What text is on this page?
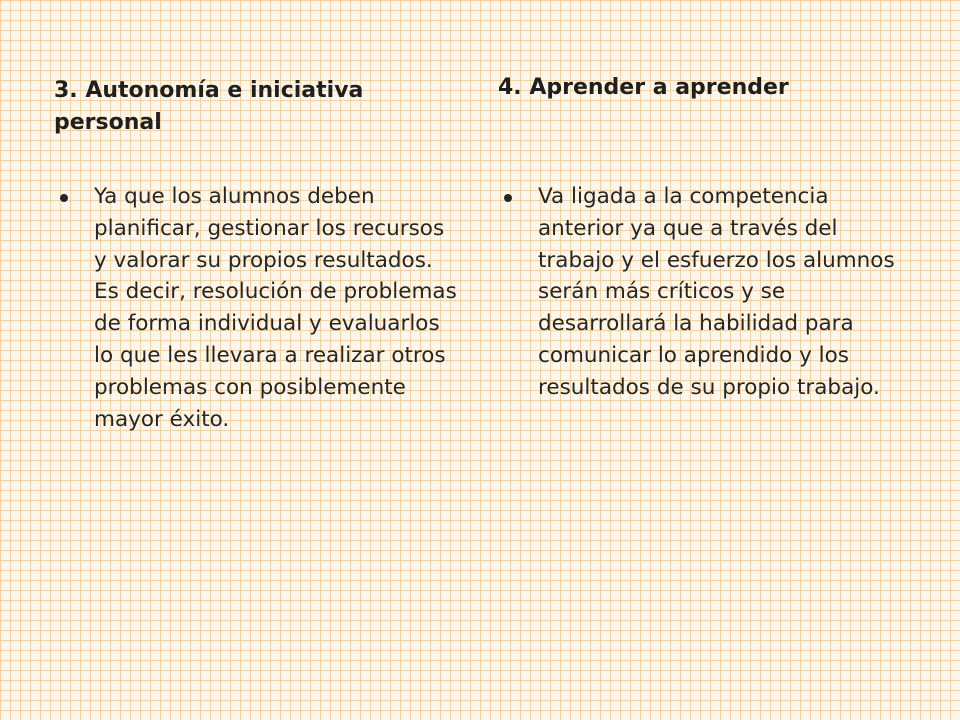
3. Autonomía e iniciativa personal
4. Aprender a aprender
Ya que los alumnos deben planificar, gestionar los recursos y valorar su propios resultados. Es decir, resolución de problemas de forma individual y evaluarlos lo que les llevara a realizar otros problemas con posiblemente mayor éxito.
Va ligada a la competencia anterior ya que a través del trabajo y el esfuerzo los alumnos serán más críticos y se desarrollará la habilidad para comunicar lo aprendido y los resultados de su propio trabajo.
